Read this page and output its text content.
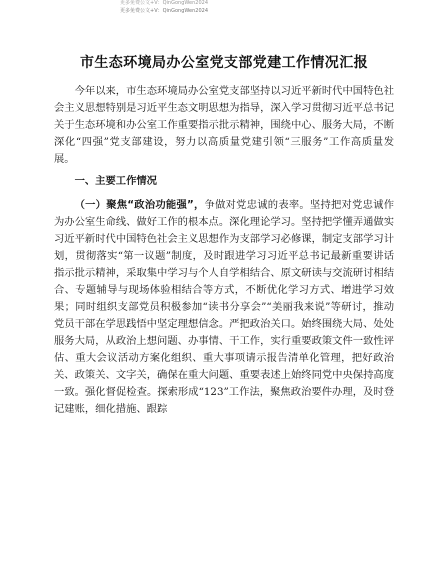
更多免费公文+V：QinGongWen2024
更多免费公文+V：QinGongWen2024
市生态环境局办公室党支部党建工作情况汇报

今年以来，市生态环境局办公室党支部坚持以习近平新时代中国特色社会主义思想特别是习近平生态文明思想为指导，深入学习贯彻习近平总书记关于生态环境和办公室工作重要指示批示精神，围绕中心、服务大局，不断深化“四强”党支部建设，努力以高质量党建引领“三服务”工作高质量发展。

一、主要工作情况

（一）聚焦“政治功能强”，争做对党忠诚的表率。坚持把对党忠诚作为办公室生命线、做好工作的根本点。深化理论学习。坚持把学懂弄通做实习近平新时代中国特色社会主义思想作为支部学习必修课，制定支部学习计划，贯彻落实“第一议题”制度，及时跟进学习习近平总书记最新重要讲话指示批示精神，采取集中学习与个人自学相结合、原文研读与交流研讨相结合、专题辅导与现场体验相结合等方式，不断优化学习方式、增进学习效果；同时组织支部党员积极参加“读书分享会”“美丽我来说”等研讨，推动党员干部在学思践悟中坚定理想信念。严把政治关口。始终围绕大局、处处服务大局，从政治上想问题、办事情、干工作，实行重要政策文件一致性评估、重大会议活动方案化组织、重大事项请示报告清单化管理，把好政治关、政策关、文字关，确保在重大问题、重要表述上始终同党中央保持高度一致。强化督促检查。探索形成“123”工作法，聚焦政治要件办理，及时登记建账，细化措施、跟踪
